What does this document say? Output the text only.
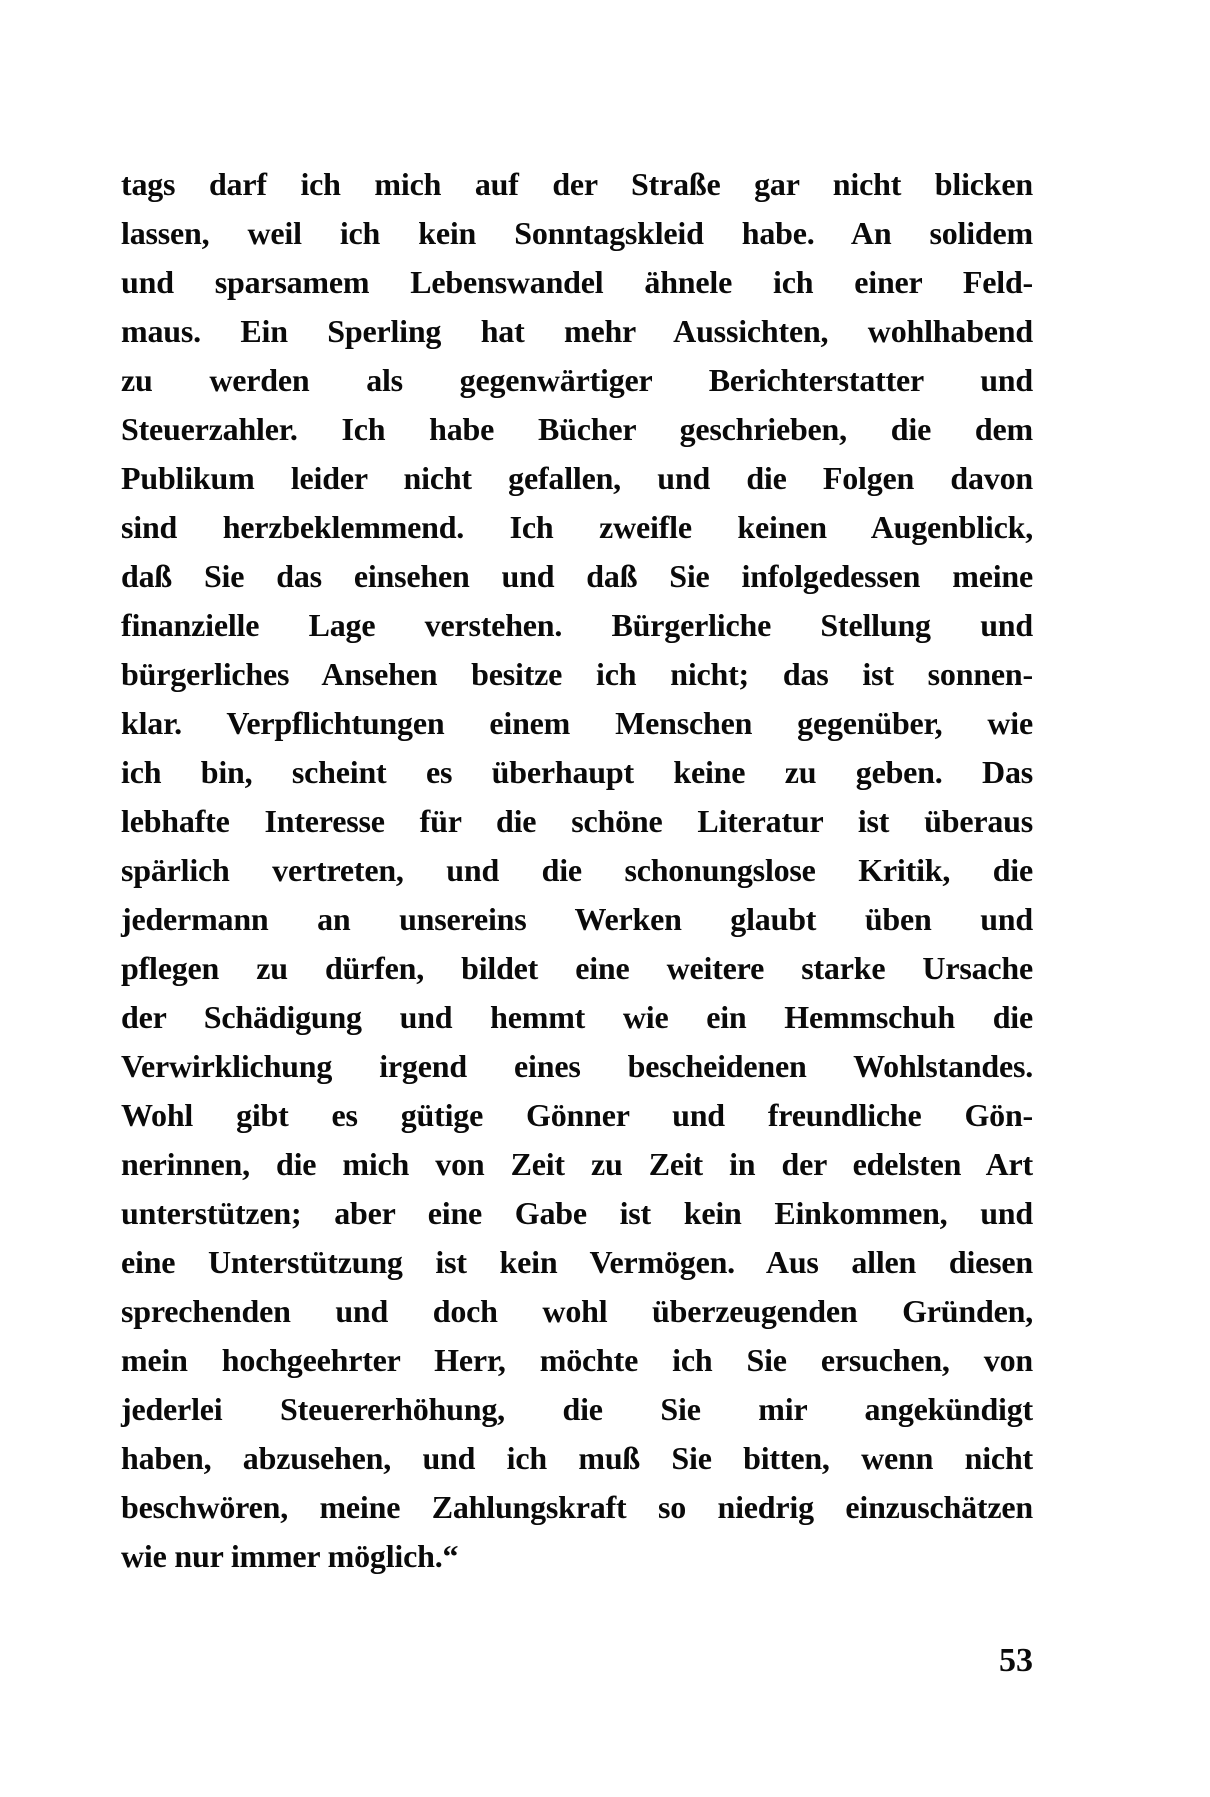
tags darf ich mich auf der Straße gar nicht blicken
lassen, weil ich kein Sonntagskleid habe. An solidem
und sparsamem Lebenswandel ähnele ich einer Feld-
maus. Ein Sperling hat mehr Aussichten, wohlhabend
zu werden als gegenwärtiger Berichterstatter und
Steuerzahler. Ich habe Bücher geschrieben, die dem
Publikum leider nicht gefallen, und die Folgen davon
sind herzbeklemmend. Ich zweifle keinen Augenblick,
daß Sie das einsehen und daß Sie infolgedessen meine
finanzielle Lage verstehen. Bürgerliche Stellung und
bürgerliches Ansehen besitze ich nicht; das ist sonnen-
klar. Verpflichtungen einem Menschen gegenüber, wie
ich bin, scheint es überhaupt keine zu geben. Das
lebhafte Interesse für die schöne Literatur ist überaus
spärlich vertreten, und die schonungslose Kritik, die
jedermann an unsereins Werken glaubt üben und
pflegen zu dürfen, bildet eine weitere starke Ursache
der Schädigung und hemmt wie ein Hemmschuh die
Verwirklichung irgend eines bescheidenen Wohlstandes.
Wohl gibt es gütige Gönner und freundliche Gön-
nerinnen, die mich von Zeit zu Zeit in der edelsten Art
unterstützen; aber eine Gabe ist kein Einkommen, und
eine Unterstützung ist kein Vermögen. Aus allen diesen
sprechenden und doch wohl überzeugenden Gründen,
mein hochgeehrter Herr, möchte ich Sie ersuchen, von
jederlei Steuererhöhung, die Sie mir angekündigt
haben, abzusehen, und ich muß Sie bitten, wenn nicht
beschwören, meine Zahlungskraft so niedrig einzuschätzen
wie nur immer möglich.“
53
